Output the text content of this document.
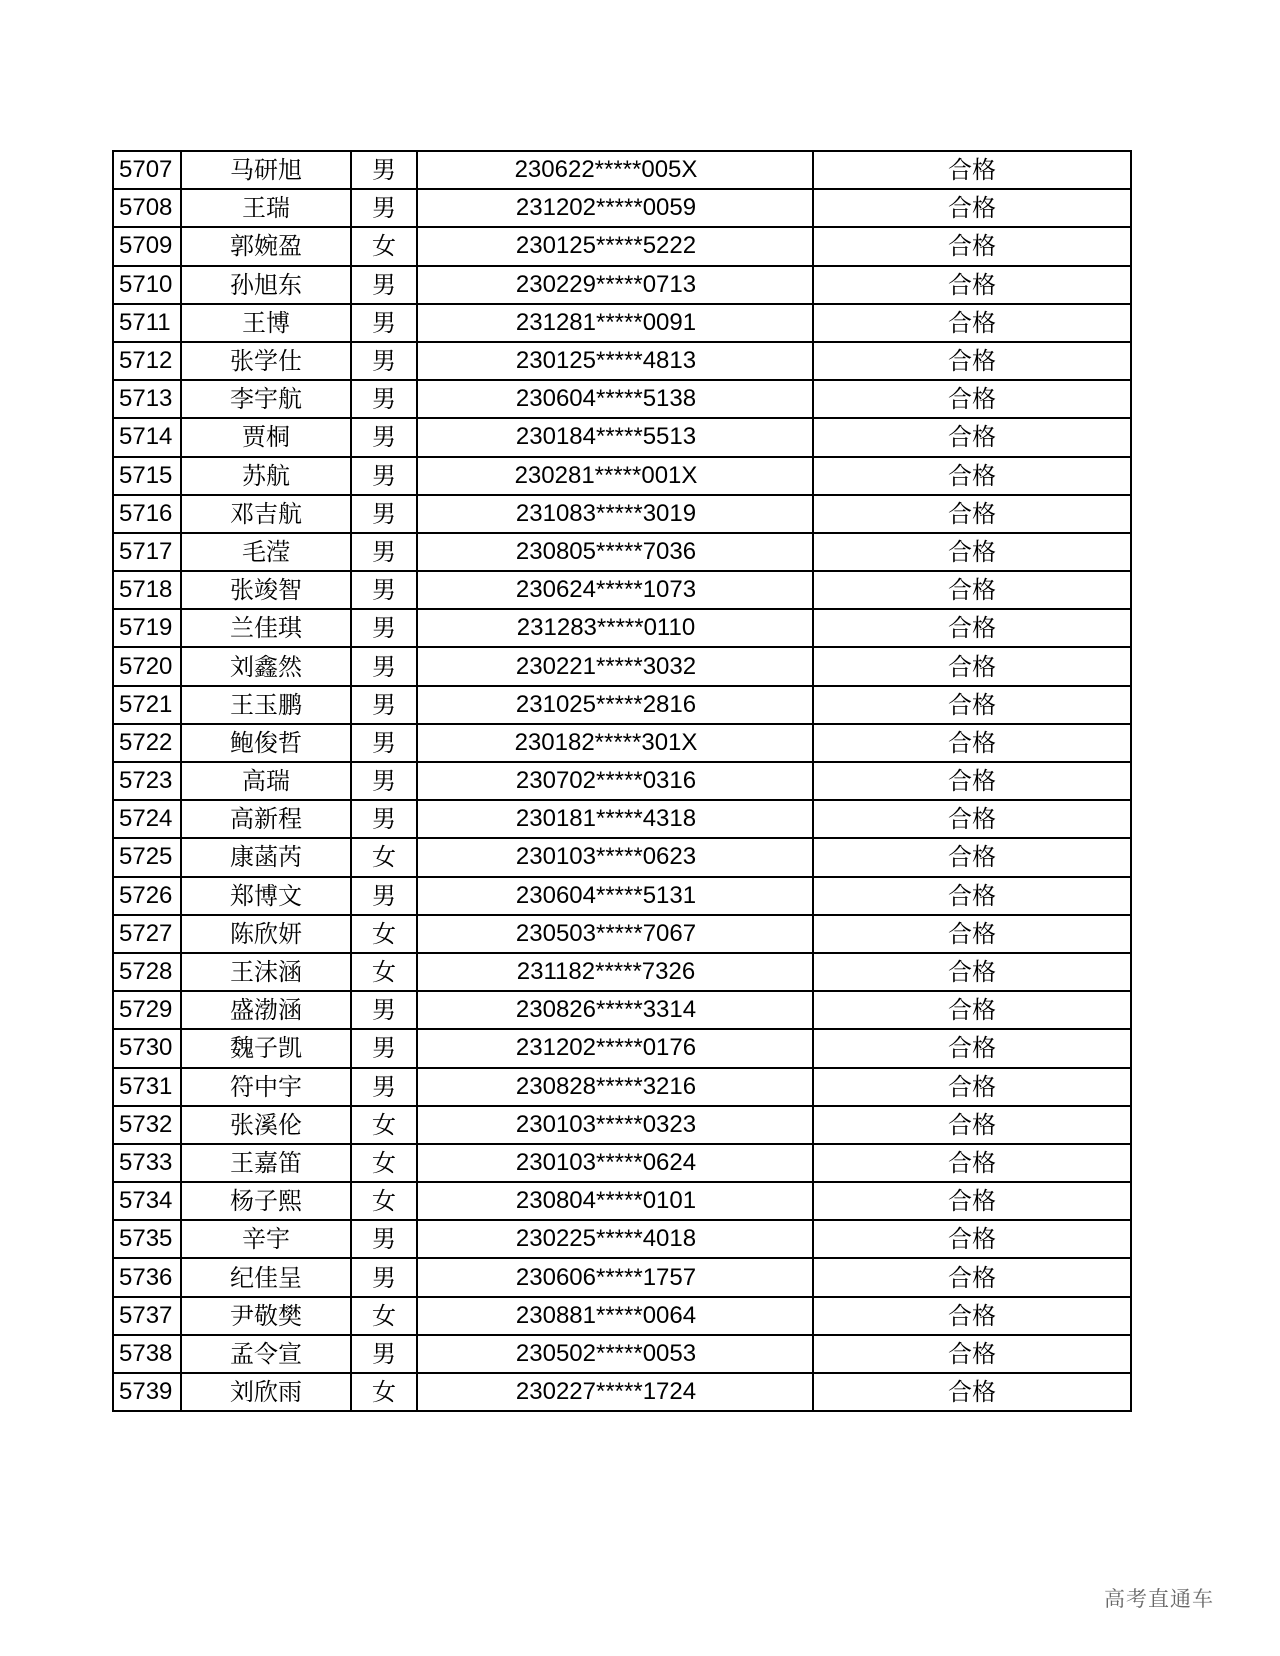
5707	马研旭	男	230622*****005X	合格
5708	王瑞	男	231202*****0059	合格
5709	郭婉盈	女	230125*****5222	合格
5710	孙旭东	男	230229*****0713	合格
5711	王博	男	231281*****0091	合格
5712	张学仕	男	230125*****4813	合格
5713	李宇航	男	230604*****5138	合格
5714	贾桐	男	230184*****5513	合格
5715	苏航	男	230281*****001X	合格
5716	邓吉航	男	231083*****3019	合格
5717	毛滢	男	230805*****7036	合格
5718	张竣智	男	230624*****1073	合格
5719	兰佳琪	男	231283*****0110	合格
5720	刘鑫然	男	230221*****3032	合格
5721	王玉鹏	男	231025*****2816	合格
5722	鲍俊哲	男	230182*****301X	合格
5723	高瑞	男	230702*****0316	合格
5724	高新程	男	230181*****4318	合格
5725	康菡芮	女	230103*****0623	合格
5726	郑博文	男	230604*****5131	合格
5727	陈欣妍	女	230503*****7067	合格
5728	王沫涵	女	231182*****7326	合格
5729	盛渤涵	男	230826*****3314	合格
5730	魏子凯	男	231202*****0176	合格
5731	符中宇	男	230828*****3216	合格
5732	张溪伦	女	230103*****0323	合格
5733	王嘉笛	女	230103*****0624	合格
5734	杨子熙	女	230804*****0101	合格
5735	辛宇	男	230225*****4018	合格
5736	纪佳呈	男	230606*****1757	合格
5737	尹敬樊	女	230881*****0064	合格
5738	孟令宣	男	230502*****0053	合格
5739	刘欣雨	女	230227*****1724	合格
高考直通车
